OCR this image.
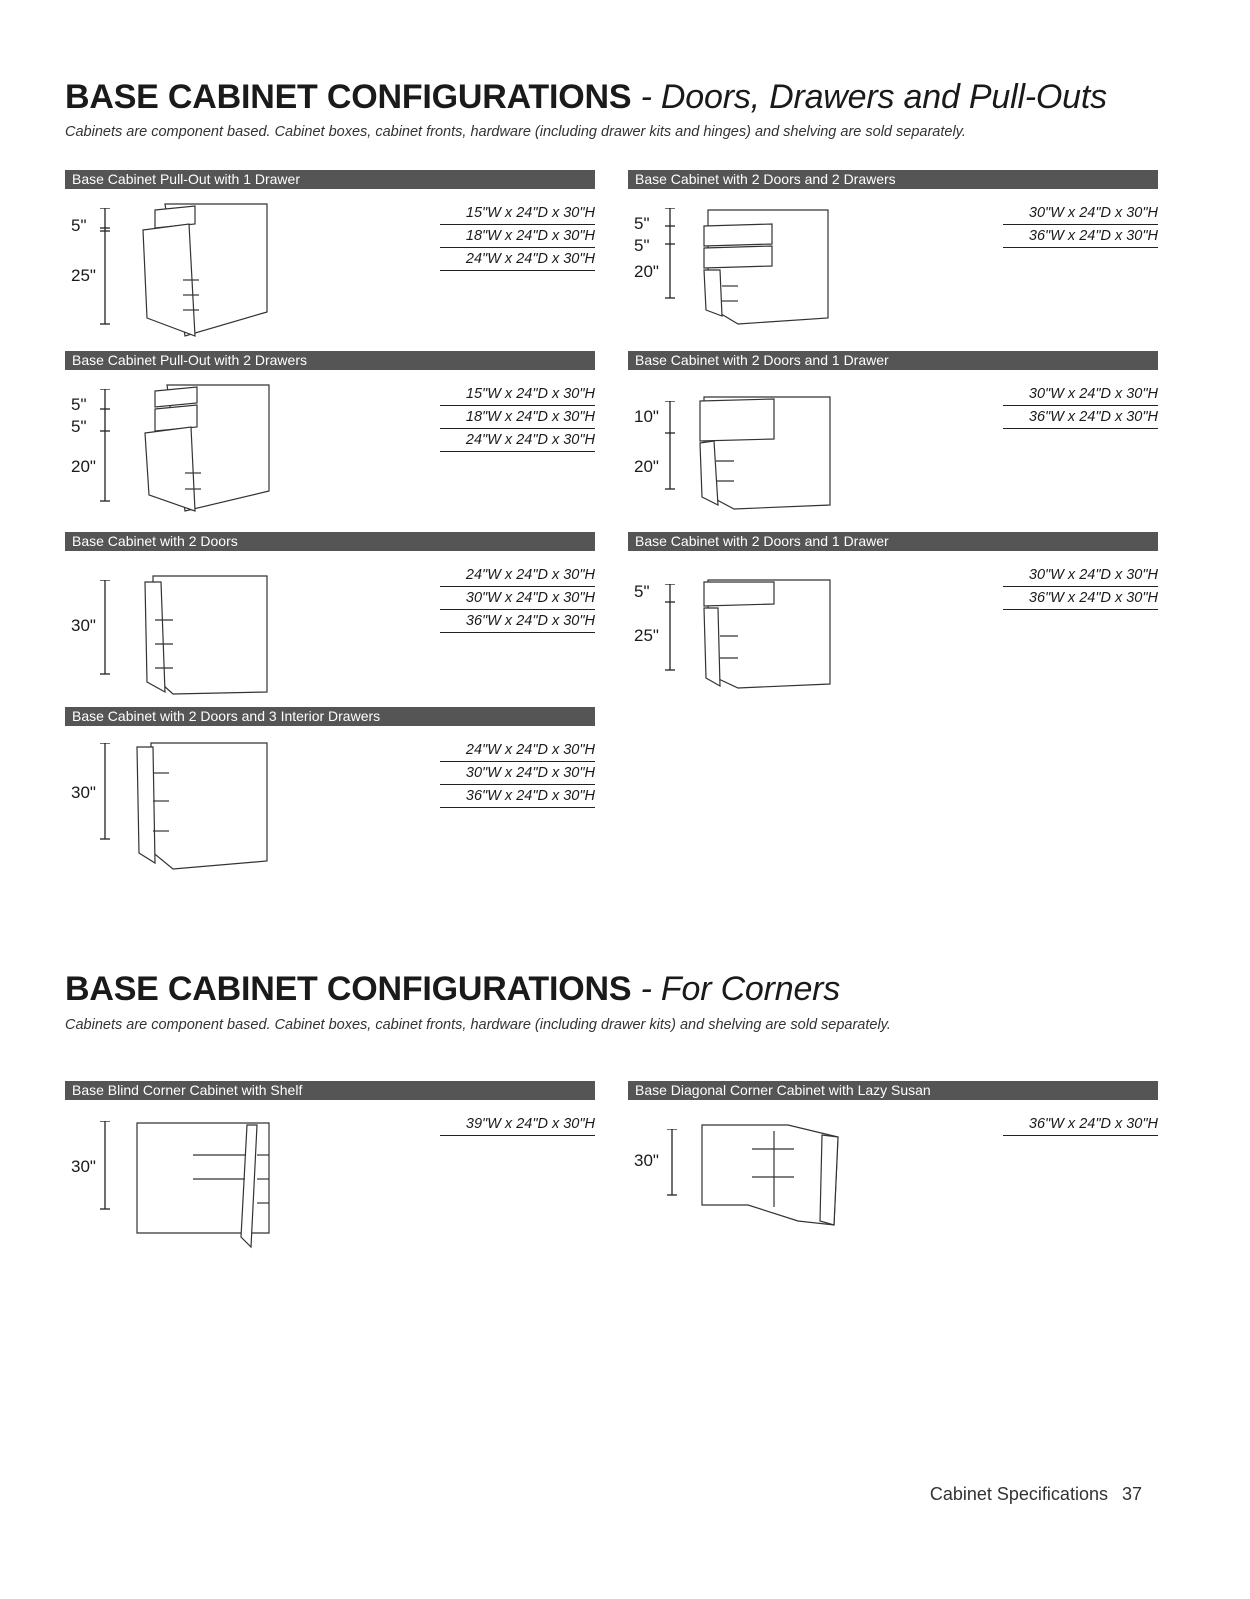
BASE CABINET CONFIGURATIONS - Doors, Drawers and Pull-Outs
Cabinets are component based. Cabinet boxes, cabinet fronts, hardware (including drawer kits and hinges) and shelving are sold separately.
Base Cabinet Pull-Out with 1 Drawer
5"
25"
15"W x 24"D x 30"H
18"W x 24"D x 30"H
24"W x 24"D x 30"H
Base Cabinet with 2 Doors and 2 Drawers
5"
5"
20"
30"W x 24"D x 30"H
36"W x 24"D x 30"H
Base Cabinet Pull-Out with 2 Drawers
5"
5"
20"
15"W x 24"D x 30"H
18"W x 24"D x 30"H
24"W x 24"D x 30"H
Base Cabinet with 2 Doors and 1 Drawer
10"
20"
30"W x 24"D x 30"H
36"W x 24"D x 30"H
Base Cabinet with 2 Doors
30"
24"W x 24"D x 30"H
30"W x 24"D x 30"H
36"W x 24"D x 30"H
Base Cabinet with 2 Doors and 1 Drawer
5"
25"
30"W x 24"D x 30"H
36"W x 24"D x 30"H
Base Cabinet with 2 Doors and 3 Interior Drawers
30"
24"W x 24"D x 30"H
30"W x 24"D x 30"H
36"W x 24"D x 30"H
BASE CABINET CONFIGURATIONS - For Corners
Cabinets are component based. Cabinet boxes, cabinet fronts, hardware (including drawer kits) and shelving are sold separately.
Base Blind Corner Cabinet with Shelf
30"
39"W x 24"D x 30"H
Base Diagonal Corner Cabinet with Lazy Susan
30"
36"W x 24"D x 30"H
Cabinet Specifications 37
